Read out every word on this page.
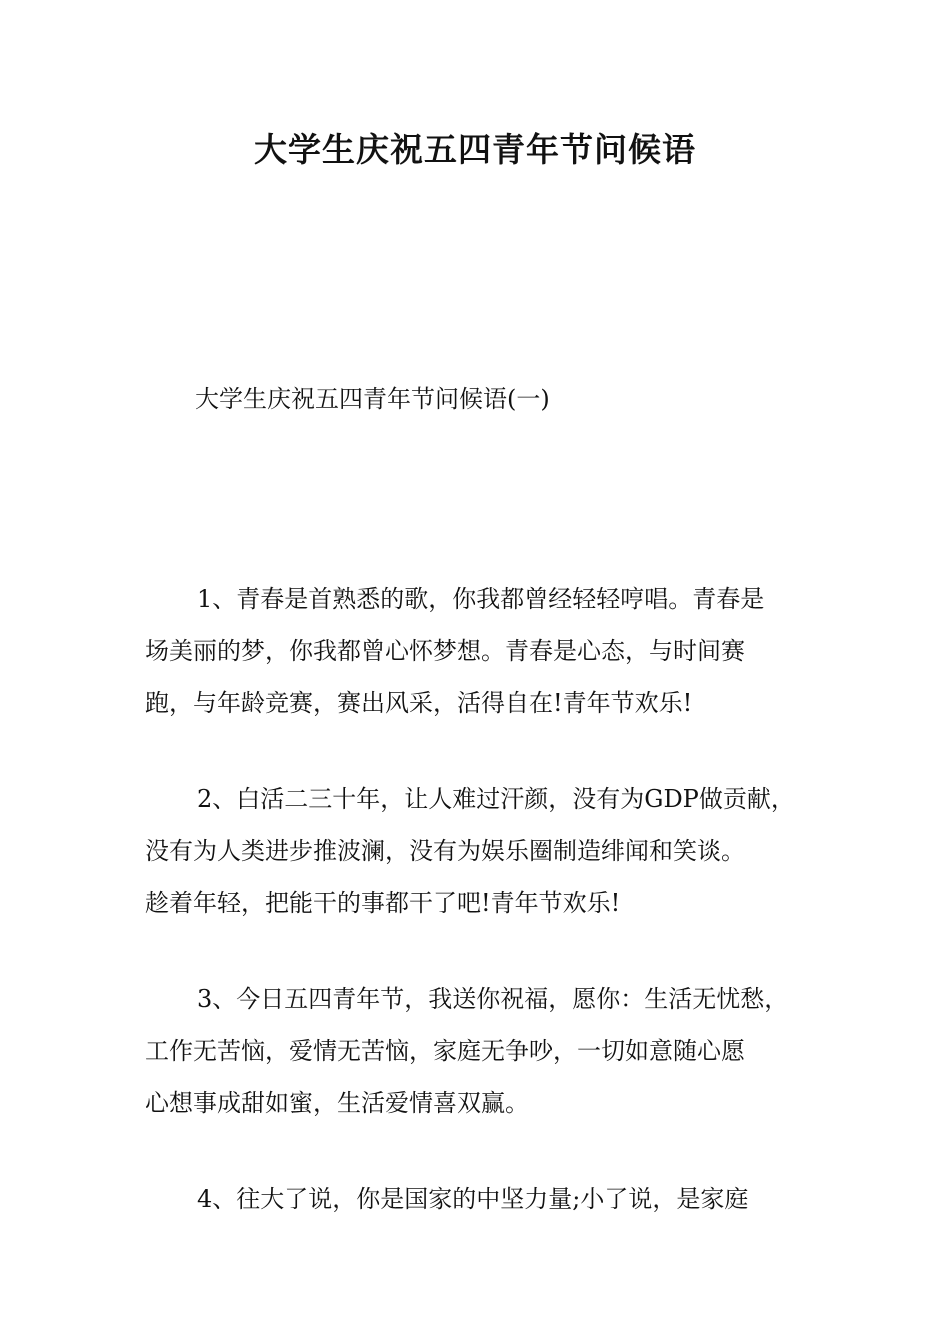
大学生庆祝五四青年节问候语

大学生庆祝五四青年节问候语(一)

1、青春是首熟悉的歌，你我都曾经轻轻哼唱。青春是
场美丽的梦，你我都曾心怀梦想。青春是心态，与时间赛
跑，与年龄竞赛，赛出风采，活得自在!青年节欢乐!

2、白活二三十年，让人难过汗颜，没有为GDP做贡献，
没有为人类进步推波澜，没有为娱乐圈制造绯闻和笑谈。
趁着年轻，把能干的事都干了吧!青年节欢乐!

3、今日五四青年节，我送你祝福，愿你：生活无忧愁，
工作无苦恼，爱情无苦恼，家庭无争吵，一切如意随心愿
心想事成甜如蜜，生活爱情喜双赢。

4、往大了说，你是国家的中坚力量;小了说，是家庭
